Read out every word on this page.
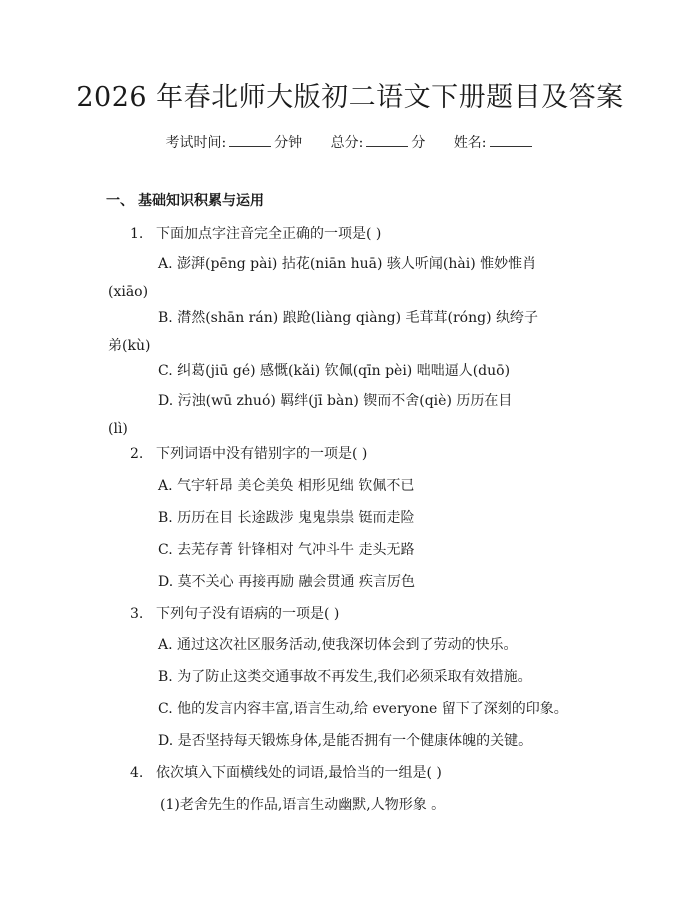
2026 年春北师大版初二语文下册题目及答案
考试时间:	分钟 总分:	分 姓名:
一、 基础知识积累与运用
1. 下面加点字注音完全正确的一项是( )
A. 澎湃(pēng pài) 拈花(niān huā) 骇人听闻(hài) 惟妙惟肖
(xiāo)
B. 潸然(shān rán) 踉跄(liàng qiàng) 毛茸茸(róng) 纨绔子
弟(kù)
C. 纠葛(jiū gé) 感慨(kǎi) 钦佩(qīn pèi) 咄咄逼人(duō)
D. 污浊(wū zhuó) 羁绊(jī bàn) 锲而不舍(qiè) 历历在目
(lì)
2. 下列词语中没有错别字的一项是( )
A. 气宇轩昂 美仑美奂 相形见绌 钦佩不已
B. 历历在目 长途跋涉 鬼鬼祟祟 铤而走险
C. 去芜存菁 针锋相对 气冲斗牛 走头无路
D. 莫不关心 再接再励 融会贯通 疾言厉色
3. 下列句子没有语病的一项是( )
A. 通过这次社区服务活动,使我深切体会到了劳动的快乐。
B. 为了防止这类交通事故不再发生,我们必须采取有效措施。
C. 他的发言内容丰富,语言生动,给 everyone 留下了深刻的印象。
D. 是否坚持每天锻炼身体,是能否拥有一个健康体魄的关键。
4. 依次填入下面横线处的词语,最恰当的一组是( )
(1)老舍先生的作品,语言生动幽默,人物形象 。
